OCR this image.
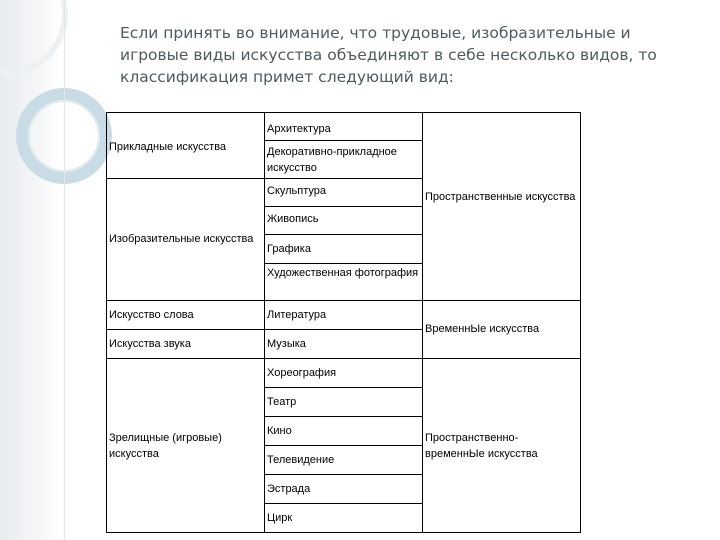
Если принять во внимание, что трудовые, изобразительные и игровые виды искусства объединяют в себе несколько видов, то классификация примет следующий вид:

Прикладные искусства	Архитектура	Пространственные искусства
	Декоративно-прикладное искусство	
Изобразительные искусства	Скульптура	
	Живопись	
	Графика	
	Художественная фотография	
Искусство слова	Литература	ВременнЫе искусства
Искусства звука	Музыка	
Зрелищные (игровые) искусства	Хореография	Пространственно-временнЫе искусства
	Театр	
	Кино	
	Телевидение	
	Эстрада	
	Цирк	
